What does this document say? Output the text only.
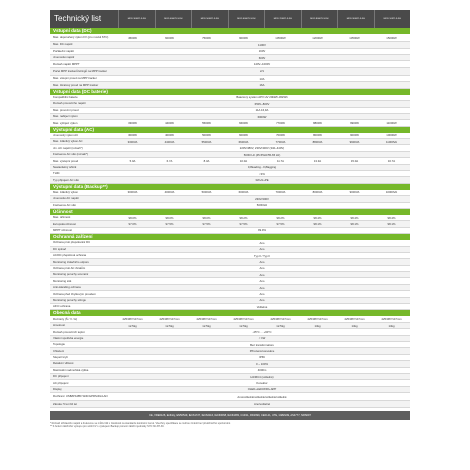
Technický list	MOD 3000TL3-XH	MOD 4000TL3-XH	MOD 5000TL3-XH	MOD 6000TL3-XH	MOD 7000TL3-XH	MOD 8000TL3-XH	MOD 9000TL3-XH	MOD 10KTL3-XH
Vstupní data (DC)
Max. doporučený výkon FV (pro modul STC)	4500W	6000W	7500W	9000W	10500W	12000W	13500W	15000W
Max. DC napětí	1100V
Počáteční napětí	160V
Jmenovité napětí	600V
Rozsah napětí MPPT	140V~1000V
Počet MPP trackerů/stringů na MPP tracker	2/1
Max. vstupní proud na MPP tracker	13A
Max. zkratový proud na MPP tracker	16A
Vstupní data (DC baterie)
Kompatibilní baterie	Bateriový systém APX HV 20kWh-30kWh
Rozsah provozního napětí	650V~800V
Max. provozní proud	11A 16,9A
Max. nabíjecí výkon	6000W
Max. vybíjecí výkon	3300W	4400W	5500W	6600W	7700W	8800W	9900W	11000W
Výstupní data (AC)
Jmenovitý výkon AC	3000W	4000W	5000W	6000W	7000W	8000W	9000W	10000W
Max. zdánlivý výkon AC	3300VA	4400VA	5500VA	6600VA	7700VA	8800VA	9900VA	11000VA
Jm. AC napětí (rozsah*)	220V/380V, 230V/400V (340~440V)
Frekvence AC sítě (rozsah*)	50/60 Hz (45-55Hz/55-65 Hz)
Max. výstupní proud	5.0A	6.7A	8.3A	10.0A	11.7A	13.3A	15.0A	16.7A
Nastavitelný účiník	0,8leading...0,8lagging
THDi	<3%
Typ připojení AC sítě	3W+N+PE
Výstupní data (Backup**)
Max. zdánlivý výkon	3000VA	4000VA	5000VA	6000VA	7000VA	8000VA	9000VA	10000VA
Jmenovité AC napětí	230V/400V
Frekvence AC sítě	50/60Hz
Účinnost
Max. účinnost	98.0%	98.0%	98.0%	98.2%	98.2%	98.4%	98.4%	98.4%
Evropská účinnost	97.0%	97.5%	97.5%	97.5%	97.5%	98.1%	98.1%	98.1%
MPPT účinnost	99.9%
Ochranná zařízení
Ochrana proti přepólování DC	Ano
DC spínač	Ano
AC/DC přepěťová ochrana	Typ II / Typ II
Monitoring izolačního odporu	Ano
Ochrana proti AC zkratům	Ano
Monitoring poruchy uzemění	Ano
Monitoring sítě	Ano
Anti-islanding ochrana	Ano
Ochrana před zbytkovým proudem	Ano
Monitoring poruchy stringu	Ano
AFCI ochrana	Volitelné
Obecná data
Rozměry (Š / V / H)	425/387/147mm	425/387/147mm	425/387/147mm	425/387/147mm	425/387/147mm	425/387/147mm	425/387/147mm	425/387/147mm
Hmotnost	12.5kg	12.5kg	12.5kg	12.5kg	12.5kg	14kg	14kg	14kg
Rozsah provozních teplot	-25°C ... +60°C
Vlastní spotřeba energie	< 1W
Topologie	Bez transformátoru
Chlazení	Přirozená konvekce
Stupeň krytí	IP66
Relativní vlhkost	0 ~ 100%
Maximální nadmořská výška	4000m
DC připojení	H4/MC4 (volitelně)
AC připojení	Konektor
Displej	OLED+LED/WIFI+APP
Rozhraní: USB/RS485/ WiFi/GPRS/4G/LAN	Ano/volitelně/volitelně/volitelně/volitelně
Záruka: 5 let /10 let	Ano/volitelně
CE, VDE0126, Enfinity, EN50549, IEC61727, IEC62116, IEC60068, IEC61683, C10/11, RD1699, CEI0-21, UTE, G98/G99, AS4777, NRS097
* Rozsah střídavého napětí a frekvence se může lišit v závislosti na standardu konkrétní země. Všechny specifikace se mohou změnit bez předchozího upozornění.
** S funkcí záložního výstupu pro větší FV s výstupem Backup pomocí záložní jednotky SYN 30-XH-30.
